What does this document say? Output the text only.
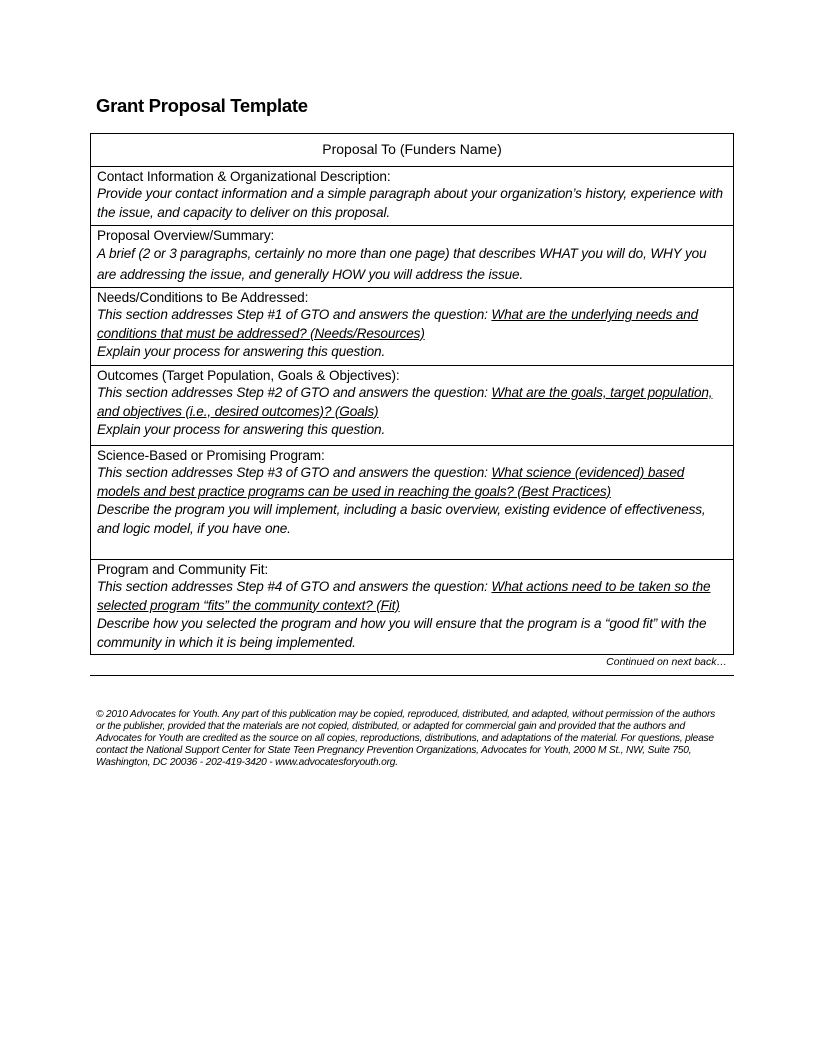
Grant Proposal Template
Proposal To (Funders Name)
Contact Information & Organizational Description:
Provide your contact information and a simple paragraph about your organization’s history, experience with the issue, and capacity to deliver on this proposal.
Proposal Overview/Summary:
A brief (2 or 3 paragraphs, certainly no more than one page) that describes WHAT you will do, WHY you are addressing the issue, and generally HOW you will address the issue.
Needs/Conditions to Be Addressed:
This section addresses Step #1 of GTO and answers the question: What are the underlying needs and conditions that must be addressed? (Needs/Resources)
Explain your process for answering this question.
Outcomes (Target Population, Goals & Objectives):
This section addresses Step #2 of GTO and answers the question: What are the goals, target population, and objectives (i.e., desired outcomes)? (Goals)
Explain your process for answering this question.
Science-Based or Promising Program:
This section addresses Step #3 of GTO and answers the question: What science (evidenced) based models and best practice programs can be used in reaching the goals? (Best Practices)
Describe the program you will implement, including a basic overview, existing evidence of effectiveness, and logic model, if you have one.
Program and Community Fit:
This section addresses Step #4 of GTO and answers the question: What actions need to be taken so the selected program “fits” the community context? (Fit)
Describe how you selected the program and how you will ensure that the program is a “good fit” with the community in which it is being implemented.
Continued on next back…
© 2010 Advocates for Youth. Any part of this publication may be copied, reproduced, distributed, and adapted, without permission of the authors or the publisher, provided that the materials are not copied, distributed, or adapted for commercial gain and provided that the authors and Advocates for Youth are credited as the source on all copies, reproductions, distributions, and adaptations of the material. For questions, please contact the National Support Center for State Teen Pregnancy Prevention Organizations, Advocates for Youth, 2000 M St., NW, Suite 750, Washington, DC 20036 - 202-419-3420 - www.advocatesforyouth.org.
